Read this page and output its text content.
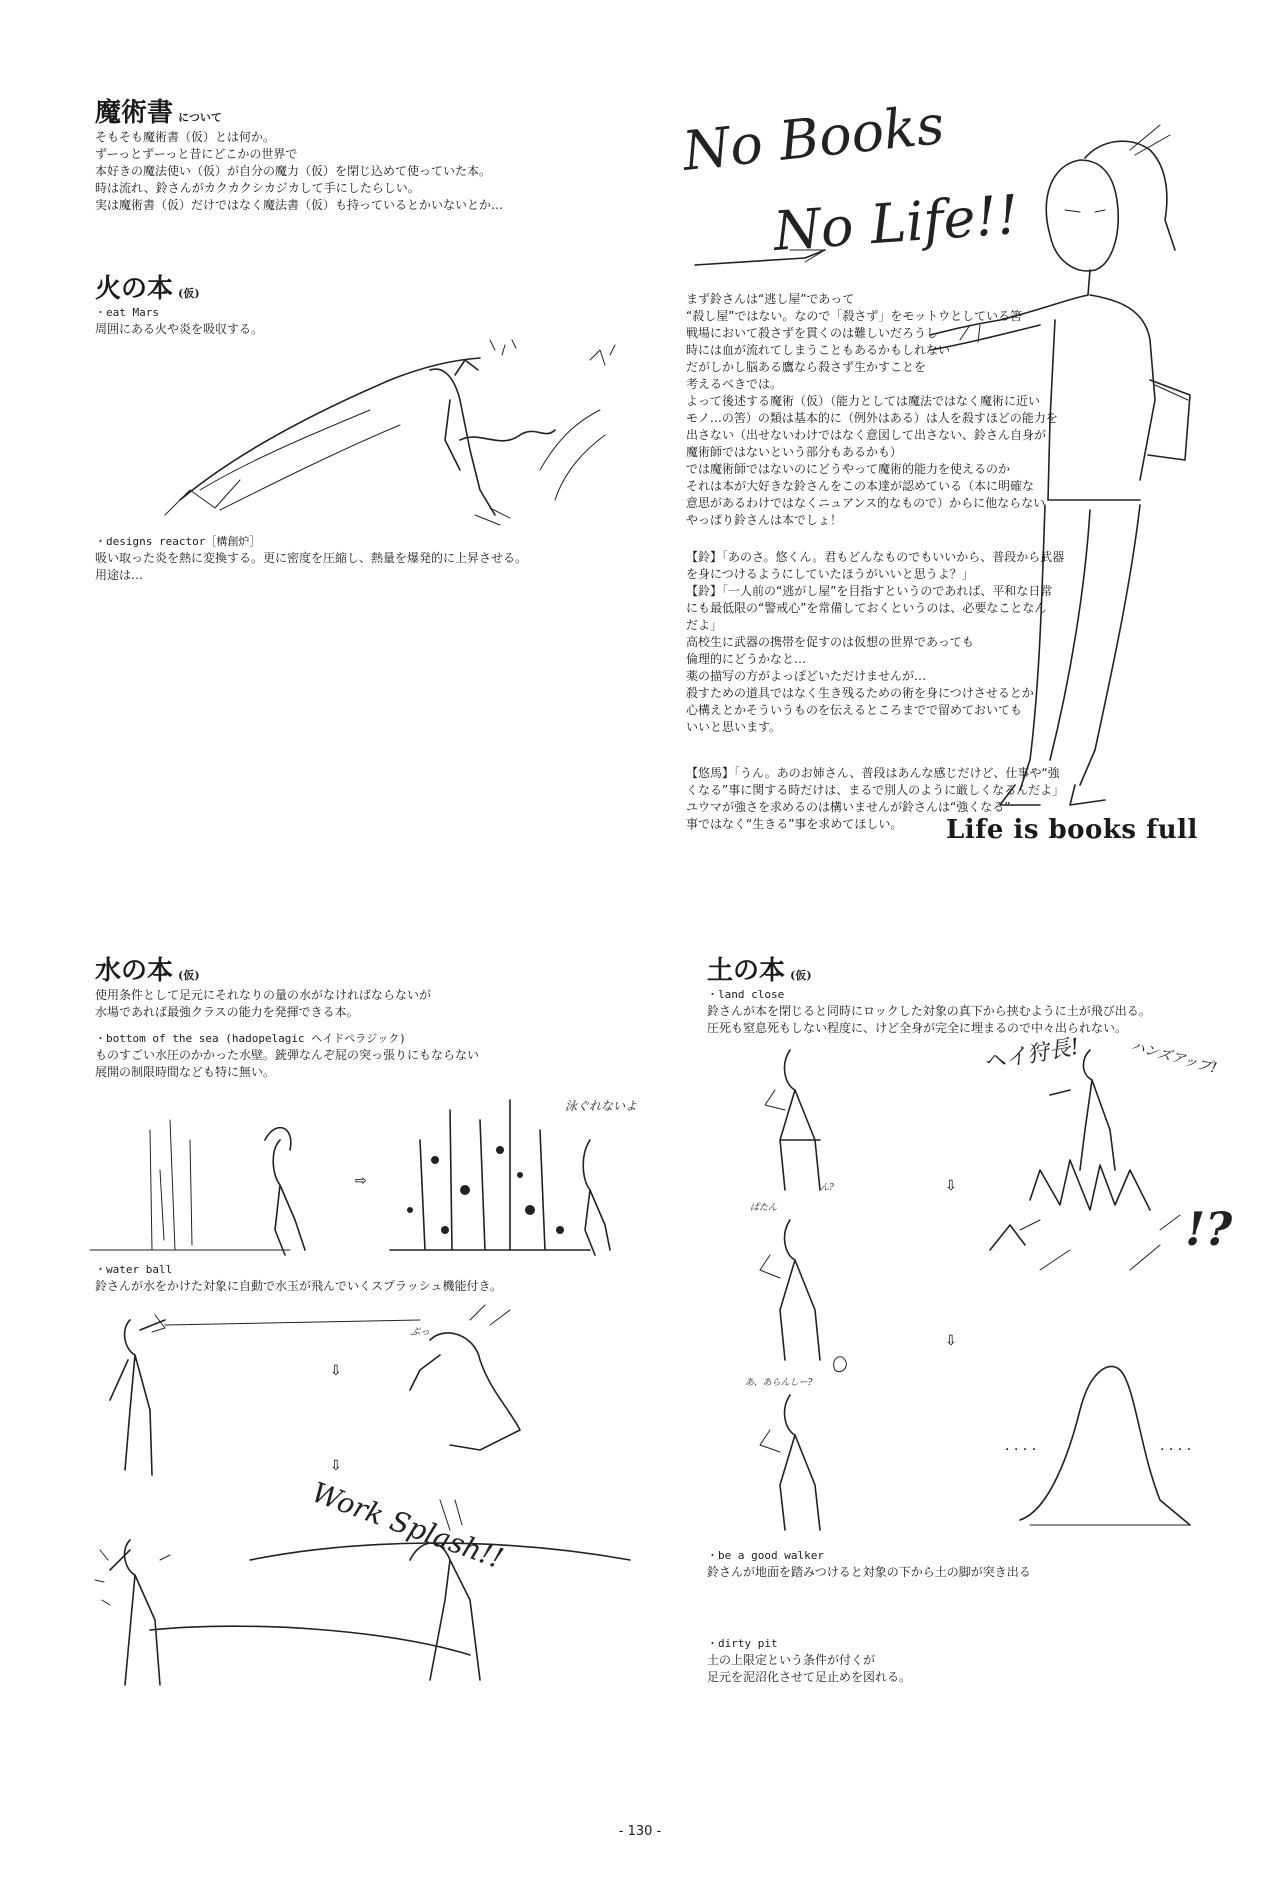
魔術書 について
そもそも魔術書（仮）とは何か。
ずーっとずーっと昔にどこかの世界で
本好きの魔法使い（仮）が自分の魔力（仮）を閉じ込めて使っていた本。
時は流れ、鈴さんがカクカクシカジカして手にしたらしい。
実は魔術書（仮）だけではなく魔法書（仮）も持っているとかいないとか…
火の本 (仮)
・eat Mars
周囲にある火や炎を吸収する。
・designs reactor［構創炉］
吸い取った炎を熱に変換する。更に密度を圧縮し、熱量を爆発的に上昇させる。
用途は…
No Books
No Life!!
まず鈴さんは“逃し屋”であって
“殺し屋”ではない。なので「殺さず」をモットウとしている筈
戦場において殺さずを貫くのは難しいだろうし
時には血が流れてしまうこともあるかもしれない
だがしかし脳ある鷹なら殺さず生かすことを
考えるべきでは。
よって後述する魔術（仮）（能力としては魔法ではなく魔術に近い
モノ…の筈）の類は基本的に（例外はある）は人を殺すほどの能力を
出さない（出せないわけではなく意図して出さない、鈴さん自身が
魔術師ではないという部分もあるかも）
では魔術師ではないのにどうやって魔術的能力を使えるのか
それは本が大好きな鈴さんをこの本達が認めている（本に明確な
意思があるわけではなくニュアンス的なもので）からに他ならない
やっぱり鈴さんは本でしょ！
【鈴】「あのさ。悠くん。君もどんなものでもいいから、普段から武器
を身につけるようにしていたほうがいいと思うよ？」
【鈴】「一人前の“逃がし屋”を目指すというのであれば、平和な日常
にも最低限の“警戒心”を常備しておくというのは、必要なことなん
だよ」
高校生に武器の携帯を促すのは仮想の世界であっても
倫理的にどうかなと…
薬の描写の方がよっぽどいただけませんが…
殺すための道具ではなく生き残るための術を身につけさせるとか
心構えとかそういうものを伝えるところまでで留めておいても
いいと思います。
【悠馬】「うん。あのお姉さん、普段はあんな感じだけど、仕事や“強
くなる”事に関する時だけは、まるで別人のように厳しくなるんだよ」
ユウマが強さを求めるのは構いませんが鈴さんは“強くなる”
事ではなく“生きる”事を求めてほしい。	Life is books full
水の本 (仮)
使用条件として足元にそれなりの量の水がなければならないが
水場であれば最強クラスの能力を発揮できる本。
・bottom of the sea (hadopelagic ヘイドペラジック)
ものすごい水圧のかかった水壁。銃弾なんぞ屁の突っ張りにもならない
展開の制限時間なども特に無い。
泳ぐれないよ
⇨
・water ball
鈴さんが水をかけた対象に自動で水玉が飛んでいくスプラッシュ機能付き。
⇩
ぷっ
Work Splash!!
⇩
土の本 (仮)
・land close
鈴さんが本を閉じると同時にロックした対象の真下から挟むように土が飛び出る。
圧死も窒息死もしない程度に、けど全身が完全に埋まるので中々出られない。
ヘイ狩長!	ハンズアップ!
⇩
ぱたん
ん?
!?
⇩
あ、あらんしー?
. . . .	. . . .
・be a good walker
鈴さんが地面を踏みつけると対象の下から土の脚が突き出る
・dirty pit
土の上限定という条件が付くが
足元を泥沼化させて足止めを図れる。
- 130 -
